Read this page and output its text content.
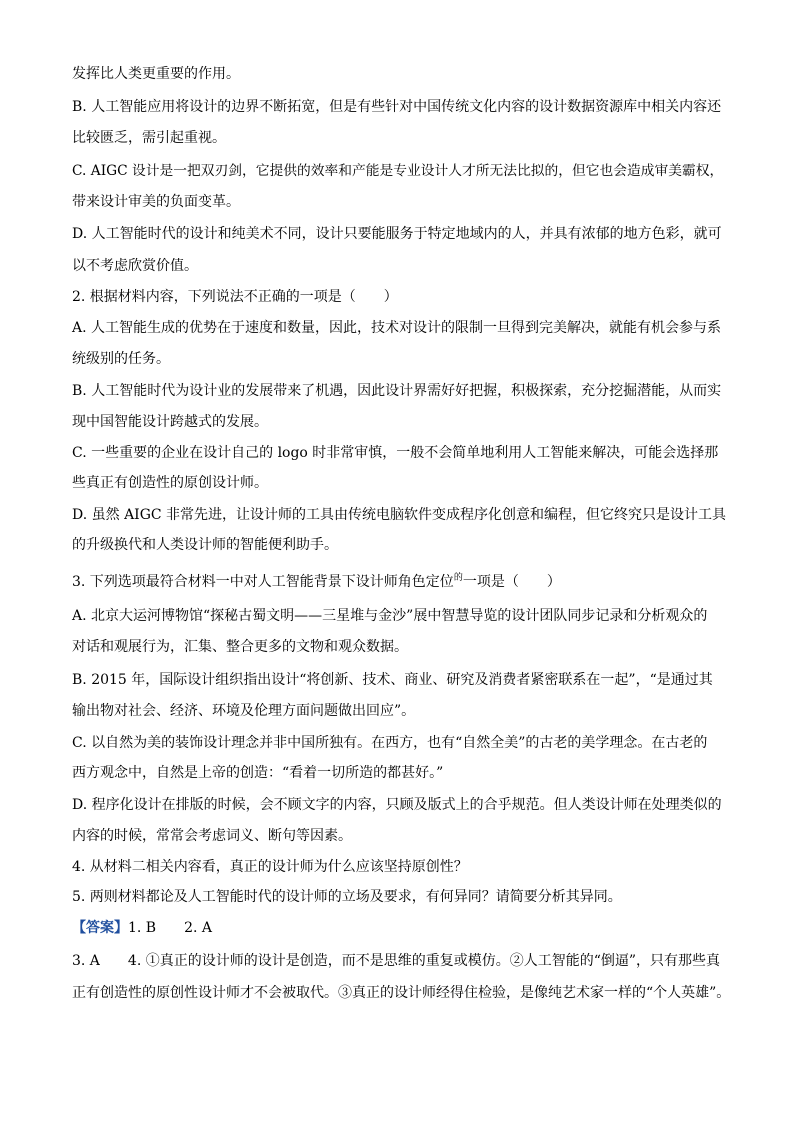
发挥比人类更重要的作用。
B. 人工智能应用将设计的边界不断拓宽，但是有些针对中国传统文化内容的设计数据资源库中相关内容还
比较匮乏，需引起重视。
C. AIGC 设计是一把双刃剑，它提供的效率和产能是专业设计人才所无法比拟的，但它也会造成审美霸权，
带来设计审美的负面变革。
D. 人工智能时代的设计和纯美术不同，设计只要能服务于特定地域内的人，并具有浓郁的地方色彩，就可
以不考虑欣赏价值。
2. 根据材料内容，下列说法不正确的一项是（　　）
A. 人工智能生成的优势在于速度和数量，因此，技术对设计的限制一旦得到完美解决，就能有机会参与系
统级别的任务。
B. 人工智能时代为设计业的发展带来了机遇，因此设计界需好好把握，积极探索，充分挖掘潜能，从而实
现中国智能设计跨越式的发展。
C. 一些重要的企业在设计自己的 logo 时非常审慎，一般不会简单地利用人工智能来解决，可能会选择那
些真正有创造性的原创设计师。
D. 虽然 AIGC 非常先进，让设计师的工具由传统电脑软件变成程序化创意和编程，但它终究只是设计工具
的升级换代和人类设计师的智能便利助手。
3. 下列选项最符合材料一中对人工智能背景下设计师角色定位$^的$一项是（　　）
A. 北京大运河博物馆“探秘古蜀文明——三星堆与金沙”展中智慧导览的设计团队同步记录和分析观众的
对话和观展行为，汇集、整合更多的文物和观众数据。
B. 2015 年，国际设计组织指出设计“将创新、技术、商业、研究及消费者紧密联系在一起”，“是通过其
输出物对社会、经济、环境及伦理方面问题做出回应”。
C. 以自然为美的装饰设计理念并非中国所独有。在西方，也有“自然全美”的古老的美学理念。在古老的
西方观念中，自然是上帝的创造：“看着一切所造的都甚好。”
D. 程序化设计在排版的时候，会不顾文字的内容，只顾及版式上的合乎规范。但人类设计师在处理类似的
内容的时候，常常会考虑词义、断句等因素。
4. 从材料二相关内容看，真正的设计师为什么应该坚持原创性？
5. 两则材料都论及人工智能时代的设计师的立场及要求，有何异同？请简要分析其异同。
【答案】1. B　　2. A
3. A　　4. ①真正的设计师的设计是创造，而不是思维的重复或模仿。②人工智能的“倒逼”，只有那些真
正有创造性的原创性设计师才不会被取代。③真正的设计师经得住检验，是像纯艺术家一样的“个人英雄”。
